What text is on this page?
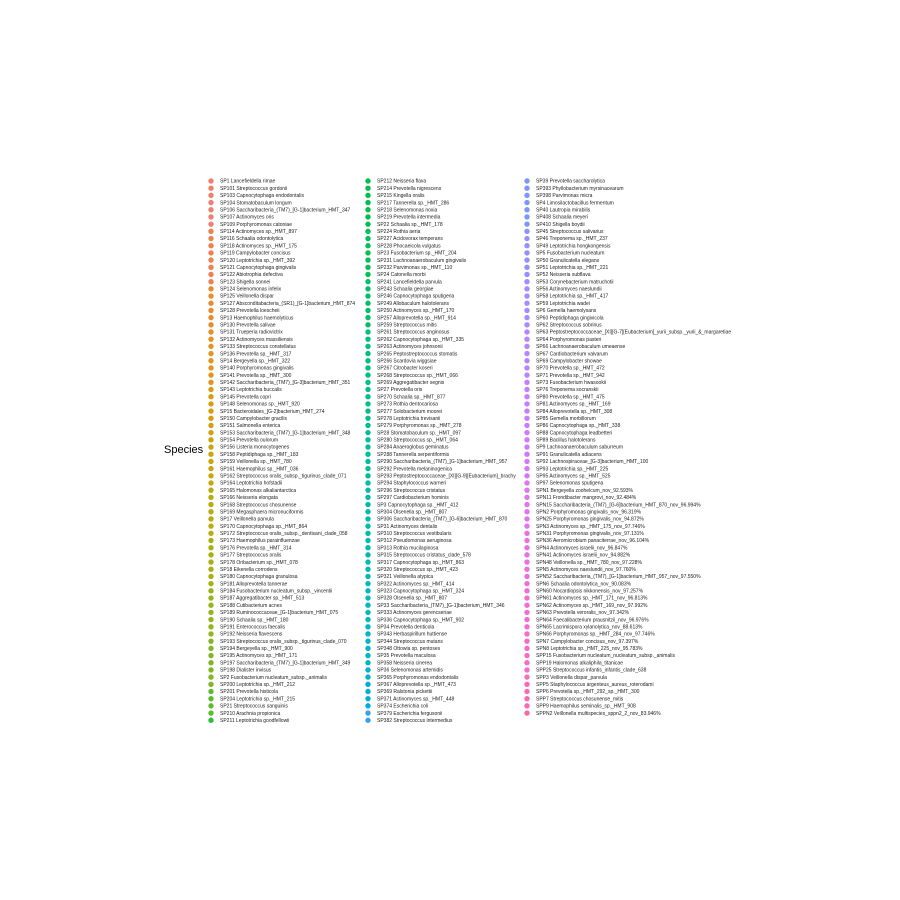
Species
SP1 Lancefieldella rimae
SP101 Streptococcus gordonii
SP103 Capnocytophaga endodontalis
SP104 Stomatobaculum longum
SP106 Saccharibacteria_(TM7)_[G-1]bacterium_HMT_347
SP107 Actinomyces oris
SP109 Porphyromonas catoniae
SP114 Actinomyces sp._HMT_897
SP116 Schaalia odontolytica
SP118 Actinomyces sp._HMT_175
SP119 Campylobacter concisus
SP120 Leptotrichia sp._HMT_392
SP121 Capnocytophaga gingivalis
SP122 Abiotrophia defectiva
SP123 Shigella sonnei
SP124 Selenomonas infelix
SP125 Veillonella dispar
SP127 Absconditabacteria_(SR1)_[G-1]bacterium_HMT_874
SP128 Prevotella loescheii
SP13 Haemophilus haemolyticus
SP130 Prevotella salivae
SP131 Trueperia radiovictrix
SP132 Actinomyces massiliensis
SP133 Streptococcus constellatus
SP136 Prevotella sp._HMT_317
SP14 Bergeyella sp._HMT_322
SP140 Porphyromonas gingivalis
SP141 Prevotella sp._HMT_300
SP142 Saccharibacteria_(TM7)_[G-3]bacterium_HMT_351
SP143 Leptotrichia buccalis
SP145 Prevotella copri
SP148 Selenomonas sp._HMT_920
SP15 Bacteroidales_[G-2]bacterium_HMT_274
SP150 Campylobacter gracilis
SP151 Salmonella enterica
SP153 Saccharibacteria_(TM7)_[G-1]bacterium_HMT_348
SP154 Prevotella oulorum
SP156 Listeria monocytogenes
SP158 Peptidiphaga sp._HMT_183
SP159 Veillonella sp._HMT_780
SP161 Haemophilus sp._HMT_036
SP162 Streptococcus oralis_subsp._tigurinus_clade_071
SP164 Leptotrichia hofstadii
SP165 Halomonas alkaliantarctica
SP166 Neisseria elongata
SP168 Streptococcus chosunense
SP169 Megasphaera micronuciformis
SP17 Veillonella parvula
SP170 Capnocytophaga sp._HMT_864
SP172 Streptococcus oralis_subsp._dentisani_clade_058
SP173 Haemophilus parainfluenzae
SP176 Prevotella sp._HMT_314
SP177 Streptococcus oralis
SP178 Oribacterium sp._HMT_078
SP18 Eikenella corrodens
SP180 Capnocytophaga granulosa
SP181 Alloprevotella tannerae
SP184 Fusobacterium nucleatum_subsp._vincentii
SP187 Aggregatibacter sp._HMT_513
SP188 Cutibacterium acnes
SP189 Ruminococcaceae_[G-1]bacterium_HMT_075
SP190 Schaalia sp._HMT_180
SP191 Enterococcus faecalis
SP192 Neisseria flavescens
SP193 Streptococcus oralis_subsp._tigurinus_clade_070
SP194 Bergeyella sp._HMT_900
SP195 Actinomyces sp._HMT_171
SP197 Saccharibacteria_(TM7)_[G-1]bacterium_HMT_349
SP198 Dialister invisus
SP2 Fusobacterium nucleatum_subsp._animalis
SP200 Leptotrichia sp._HMT_212
SP201 Prevotella histicola
SP204 Leptotrichia sp._HMT_215
SP21 Streptococcus sanguinis
SP210 Arachnia propionica
SP211 Leptotrichia goodfellowii
SP212 Neisseria flava
SP214 Prevotella nigrescens
SP215 Kingella oralis
SP217 Tannerella sp._HMT_286
SP218 Selenomonas noxia
SP219 Prevotella intermedia
SP22 Schaalia sp._HMT_178
SP224 Rothia aeria
SP227 Acidovorax temperans
SP228 Phocaeicola vulgatus
SP23 Fusobacterium sp._HMT_204
SP231 Lachnoanaerobaculum gingivalis
SP232 Parvimonas sp._HMT_110
SP24 Catonella morbi
SP241 Lancefieldella parvula
SP243 Schaalia georgiae
SP246 Capnocytophaga sputigena
SP249 Allobaculum halotolerans
SP250 Actinomyces sp._HMT_170
SP257 Alloprevotella sp._HMT_914
SP259 Streptococcus mitis
SP261 Streptococcus anginosus
SP262 Capnocytophaga sp._HMT_335
SP263 Actinomyces johnsonii
SP265 Peptostreptococcus stomatis
SP266 Scardovia wiggsiae
SP267 Citrobacter koseri
SP268 Streptococcus sp._HMT_066
SP269 Aggregatibacter segnis
SP27 Prevotella oris
SP270 Schaalia sp._HMT_877
SP273 Rothia dentocariosa
SP277 Solobacterium moorei
SP278 Leptotrichia trevisanii
SP279 Porphyromonas sp._HMT_278
SP28 Stomatobaculum sp._HMT_097
SP280 Streptococcus sp._HMT_064
SP284 Anaeroglobus geminatus
SP288 Tannerella serpentiformis
SP290 Saccharibacteria_(TM7)_[G-1]bacterium_HMT_957
SP292 Prevotella melaninogenica
SP293 Peptostreptococcaceae_[XI][G-9][Eubacterium]_brachy
SP294 Staphylococcus warneri
SP296 Streptococcus cristatus
SP297 Cardiobacterium hominis
SP3 Capnocytophaga sp._HMT_412
SP304 Olsenella sp._HMT_807
SP306 Saccharibacteria_(TM7)_[G-6]bacterium_HMT_870
SP31 Actinomyces dentalis
SP310 Streptococcus vestibularis
SP312 Pseudomonas aeruginosa
SP313 Rothia mucilaginosa
SP315 Streptococcus cristatus_clade_578
SP317 Capnocytophaga sp._HMT_863
SP320 Streptococcus sp._HMT_423
SP321 Veillonella atypica
SP322 Actinomyces sp._HMT_414
SP323 Capnocytophaga sp._HMT_324
SP328 Olsenella sp._HMT_807
SP33 Saccharibacteria_(TM7)_[G-1]bacterium_HMT_346
SP333 Actinomyces gerencseriae
SP336 Capnocytophaga sp._HMT_902
SP34 Prevotella denticola
SP343 Herbaspirillum huttiense
SP344 Streptococcus mutans
SP348 Ottowia sp. pentoses
SP35 Prevotella maculosa
SP358 Neisseria cinerea
SP36 Selenomonas artemidis
SP365 Porphyromonas endodontalis
SP367 Alloprevotella sp._HMT_473
SP369 Ralstonia pickettii
SP371 Actinomyces sp._HMT_448
SP374 Escherichia coli
SP379 Escherichia fergusonii
SP382 Streptococcus intermedius
SP39 Prevotella saccharolytica
SP393 Phyllobacterium myrsinacearum
SP398 Parvimonas micra
SP4 Limosilactobacillus fermentum
SP40 Lautropia mirabilis
SP408 Schaalia meyeri
SP410 Shigella boydii
SP45 Streptococcus salivarius
SP46 Treponema sp._HMT_237
SP49 Leptotrichia hongkongensis
SP5 Fusobacterium nucleatum
SP50 Granulicatella elegans
SP51 Leptotrichia sp._HMT_221
SP52 Neisseria subflava
SP53 Corynebacterium matruchotii
SP56 Actinomyces naeslundii
SP58 Leptotrichia sp._HMT_417
SP59 Leptotrichia wadei
SP6 Gemella haemolysans
SP60 Peptidiphaga gingivicola
SP62 Streptococcus sobrinus
SP63 Peptostreptococcaceae_[XI][G-7][Eubacterium]_yurii_subsp._yurii_&_margaretiae
SP64 Porphyromonas pasteri
SP66 Lachnoanaerobaculum umeaense
SP67 Cardiobacterium valvarum
SP69 Campylobacter showae
SP70 Prevotella sp._HMT_472
SP71 Prevotella sp._HMT_942
SP73 Fusobacterium hwasookii
SP76 Treponema socranskii
SP80 Prevotella sp._HMT_475
SP81 Actinomyces sp._HMT_169
SP84 Alloprevotella sp._HMT_308
SP85 Gemella morbillorum
SP86 Capnocytophaga sp._HMT_338
SP88 Capnocytophaga leadbetteri
SP89 Bacillus halotolerans
SP9 Lachnoanaerobaculum saburreum
SP91 Granulicatella adiacens
SP92 Lachnospiraceae_[G-3]bacterium_HMT_100
SP93 Leptotrichia sp._HMT_225
SP95 Actinomyces sp._HMT_525
SP97 Selenomonas sputigena
SPN1 Bergeyella zoohelcum_nov_92.593%
SPN11 Frondibacter mangrovi_nov_92.484%
SPN15 Saccharibacteria_(TM7)_[G-6]bacterium_HMT_870_nov_96.994%
SPN2 Porphyromonas gingivalis_nov_96.319%
SPN25 Porphyromonas gingivalis_nov_94.872%
SPN3 Actinomyces sp._HMT_175_nov_97.746%
SPN31 Porphyromonas gingivalis_nov_97.131%
SPN36 Aeromicrobium panaciterrae_nov_96.104%
SPN4 Actinomyces israelii_nov_96.847%
SPN41 Actinomyces israelii_nov_94.882%
SPN48 Veillonella sp._HMT_780_nov_97.228%
SPN5 Actinomyces naeslundii_nov_97.760%
SPN52 Saccharibacteria_(TM7)_[G-1]bacterium_HMT_957_nov_97.550%
SPN6 Schaalia odontolytica_nov_90.083%
SPN60 Nocardiopsis nikkonensis_nov_97.257%
SPN61 Actinomyces sp._HMT_171_nov_96.813%
SPN62 Actinomyces sp._HMT_169_nov_97.992%
SPN63 Prevotella veroralis_nov_97.342%
SPN64 Faecalibacterium prausnitzii_nov_96.976%
SPN65 Lacrimispora xylanolytica_nov_88.613%
SPN66 Porphyromonas sp._HMT_284_nov_97.746%
SPN7 Campylobacter concisus_nov_97.397%
SPN8 Leptotrichia sp._HMT_225_nov_95.783%
SPP15 Fusobacterium nucleatum_nucleatum_subsp._animalis
SPP19 Halomonas alkaliphila_titanicae
SPP25 Streptococcus infantis_infantis_clade_638
SPP3 Veillonella dispar_parvula
SPP5 Staphylococcus argenteus_aureus_roterodami
SPP6 Prevotella sp._HMT_292_sp._HMT_300
SPP7 Streptococcus chosunense_mitis
SPP9 Haemophilus seminalis_sp._HMT_908
SPPN2 Veillonella multispecies_sppn2_2_nov_83.946%
